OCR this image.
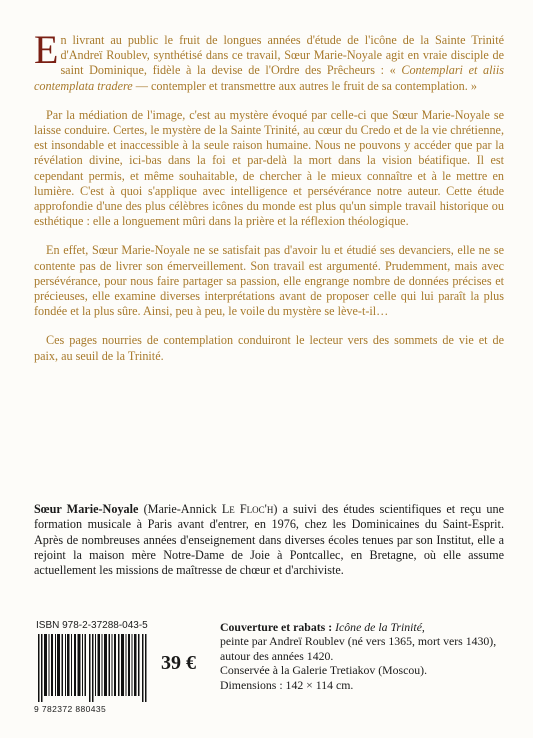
En livrant au public le fruit de longues années d'étude de l'icône de la Sainte Trinité d'Andreï Roublev, synthétisé dans ce travail, Sœur Marie-Noyale agit en vraie disciple de saint Dominique, fidèle à la devise de l'Ordre des Prêcheurs : « Contemplari et aliis contemplata tradere — contempler et transmettre aux autres le fruit de sa contemplation. »

Par la médiation de l'image, c'est au mystère évoqué par celle-ci que Sœur Marie-Noyale se laisse conduire. Certes, le mystère de la Sainte Trinité, au cœur du Credo et de la vie chrétienne, est insondable et inaccessible à la seule raison humaine. Nous ne pouvons y accéder que par la révélation divine, ici-bas dans la foi et par-delà la mort dans la vision béatifique. Il est cependant permis, et même souhaitable, de chercher à le mieux connaître et à le mettre en lumière. C'est à quoi s'applique avec intelligence et persévérance notre auteur. Cette étude approfondie d'une des plus célèbres icônes du monde est plus qu'un simple travail historique ou esthétique : elle a longuement mûri dans la prière et la réflexion théologique.

En effet, Sœur Marie-Noyale ne se satisfait pas d'avoir lu et étudié ses devanciers, elle ne se contente pas de livrer son émerveillement. Son travail est argumenté. Prudemment, mais avec persévérance, pour nous faire partager sa passion, elle engrange nombre de données précises et précieuses, elle examine diverses interprétations avant de proposer celle qui lui paraît la plus fondée et la plus sûre. Ainsi, peu à peu, le voile du mystère se lève-t-il…

Ces pages nourries de contemplation conduiront le lecteur vers des sommets de vie et de paix, au seuil de la Trinité.

Sœur Marie-Noyale (Marie-Annick Le Floc'h) a suivi des études scientifiques et reçu une formation musicale à Paris avant d'entrer, en 1976, chez les Dominicaines du Saint-Esprit. Après de nombreuses années d'enseignement dans diverses écoles tenues par son Institut, elle a rejoint la maison mère Notre-Dame de Joie à Pontcallec, en Bretagne, où elle assume actuellement les missions de maîtresse de chœur et d'archiviste.
ISBN 978-2-37288-043-5
9 782372 880435
39 €
Couverture et rabats : Icône de la Trinité,
peinte par Andreï Roublev (né vers 1365, mort vers 1430),
autour des années 1420.
Conservée à la Galerie Tretiakov (Moscou).
Dimensions : 142 × 114 cm.
